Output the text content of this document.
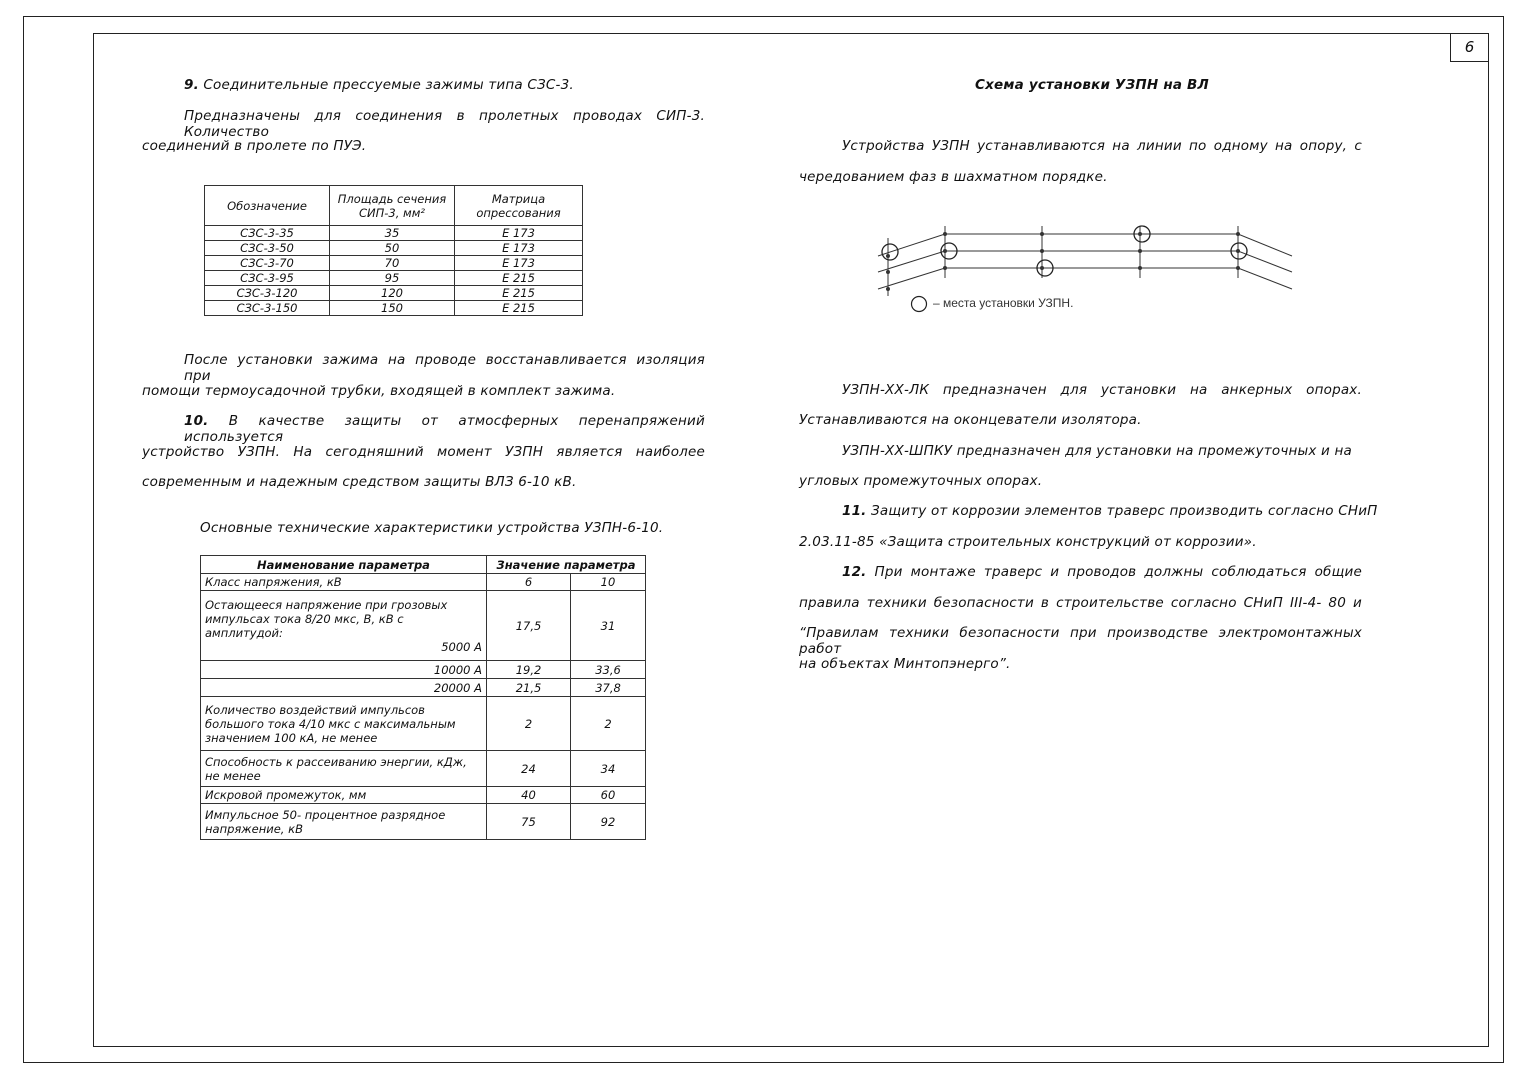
6
9. Соединительные прессуемые зажимы типа СЗС-3.
Предназначены для соединения в пролетных проводах СИП-3. Количество
соединений в пролете по ПУЭ.
Обозначение	Площадь сечения СИП-3, мм²	Матрица опрессования
СЗС-3-35	35	Е 173
СЗС-3-50	50	Е 173
СЗС-3-70	70	Е 173
СЗС-3-95	95	Е 215
СЗС-3-120	120	Е 215
СЗС-3-150	150	Е 215
После установки зажима на проводе восстанавливается изоляция при
помощи термоусадочной трубки, входящей в комплект зажима.
10. В качестве защиты от атмосферных перенапряжений используется
устройство УЗПН. На сегодняшний момент УЗПН является наиболее
современным и надежным средством защиты ВЛЗ 6-10 кВ.
Основные технические характеристики устройства УЗПН-6-10.
Наименование параметра	Значение параметра	
Класс напряжения, кВ	6	10
Остающееся напряжение при грозовых импульсах тока 8/20 мкс, В, кВ с амплитудой:
5000 А	17,5	31
10000 А	19,2	33,6
20000 А	21,5	37,8
Количество воздействий импульсов большого тока 4/10 мкс с максимальным значением 100 кА, не менее	2	2
Способность к рассеиванию энергии, кДж, не менее	24	34
Искровой промежуток, мм	40	60
Импульсное 50- процентное разрядное напряжение, кВ	75	92
Схема установки УЗПН на ВЛ
Устройства УЗПН устанавливаются на линии по одному на опору, с
чередованием фаз в шахматном порядке.
– места установки УЗПН.
УЗПН-ХХ-ЛК предназначен для установки на анкерных опорах.
Устанавливаются на оконцеватели изолятора.
УЗПН-ХХ-ШПКУ предназначен для установки на промежуточных и на
угловых промежуточных опорах.
11. Защиту от коррозии элементов траверс производить согласно СНиП
2.03.11-85 «Защита строительных конструкций от коррозии».
12. При монтаже траверс и проводов должны соблюдаться общие
правила техники безопасности в строительстве согласно СНиП III-4- 80 и
“Правилам техники безопасности при производстве электромонтажных работ
на объектах Минтопэнерго”.
